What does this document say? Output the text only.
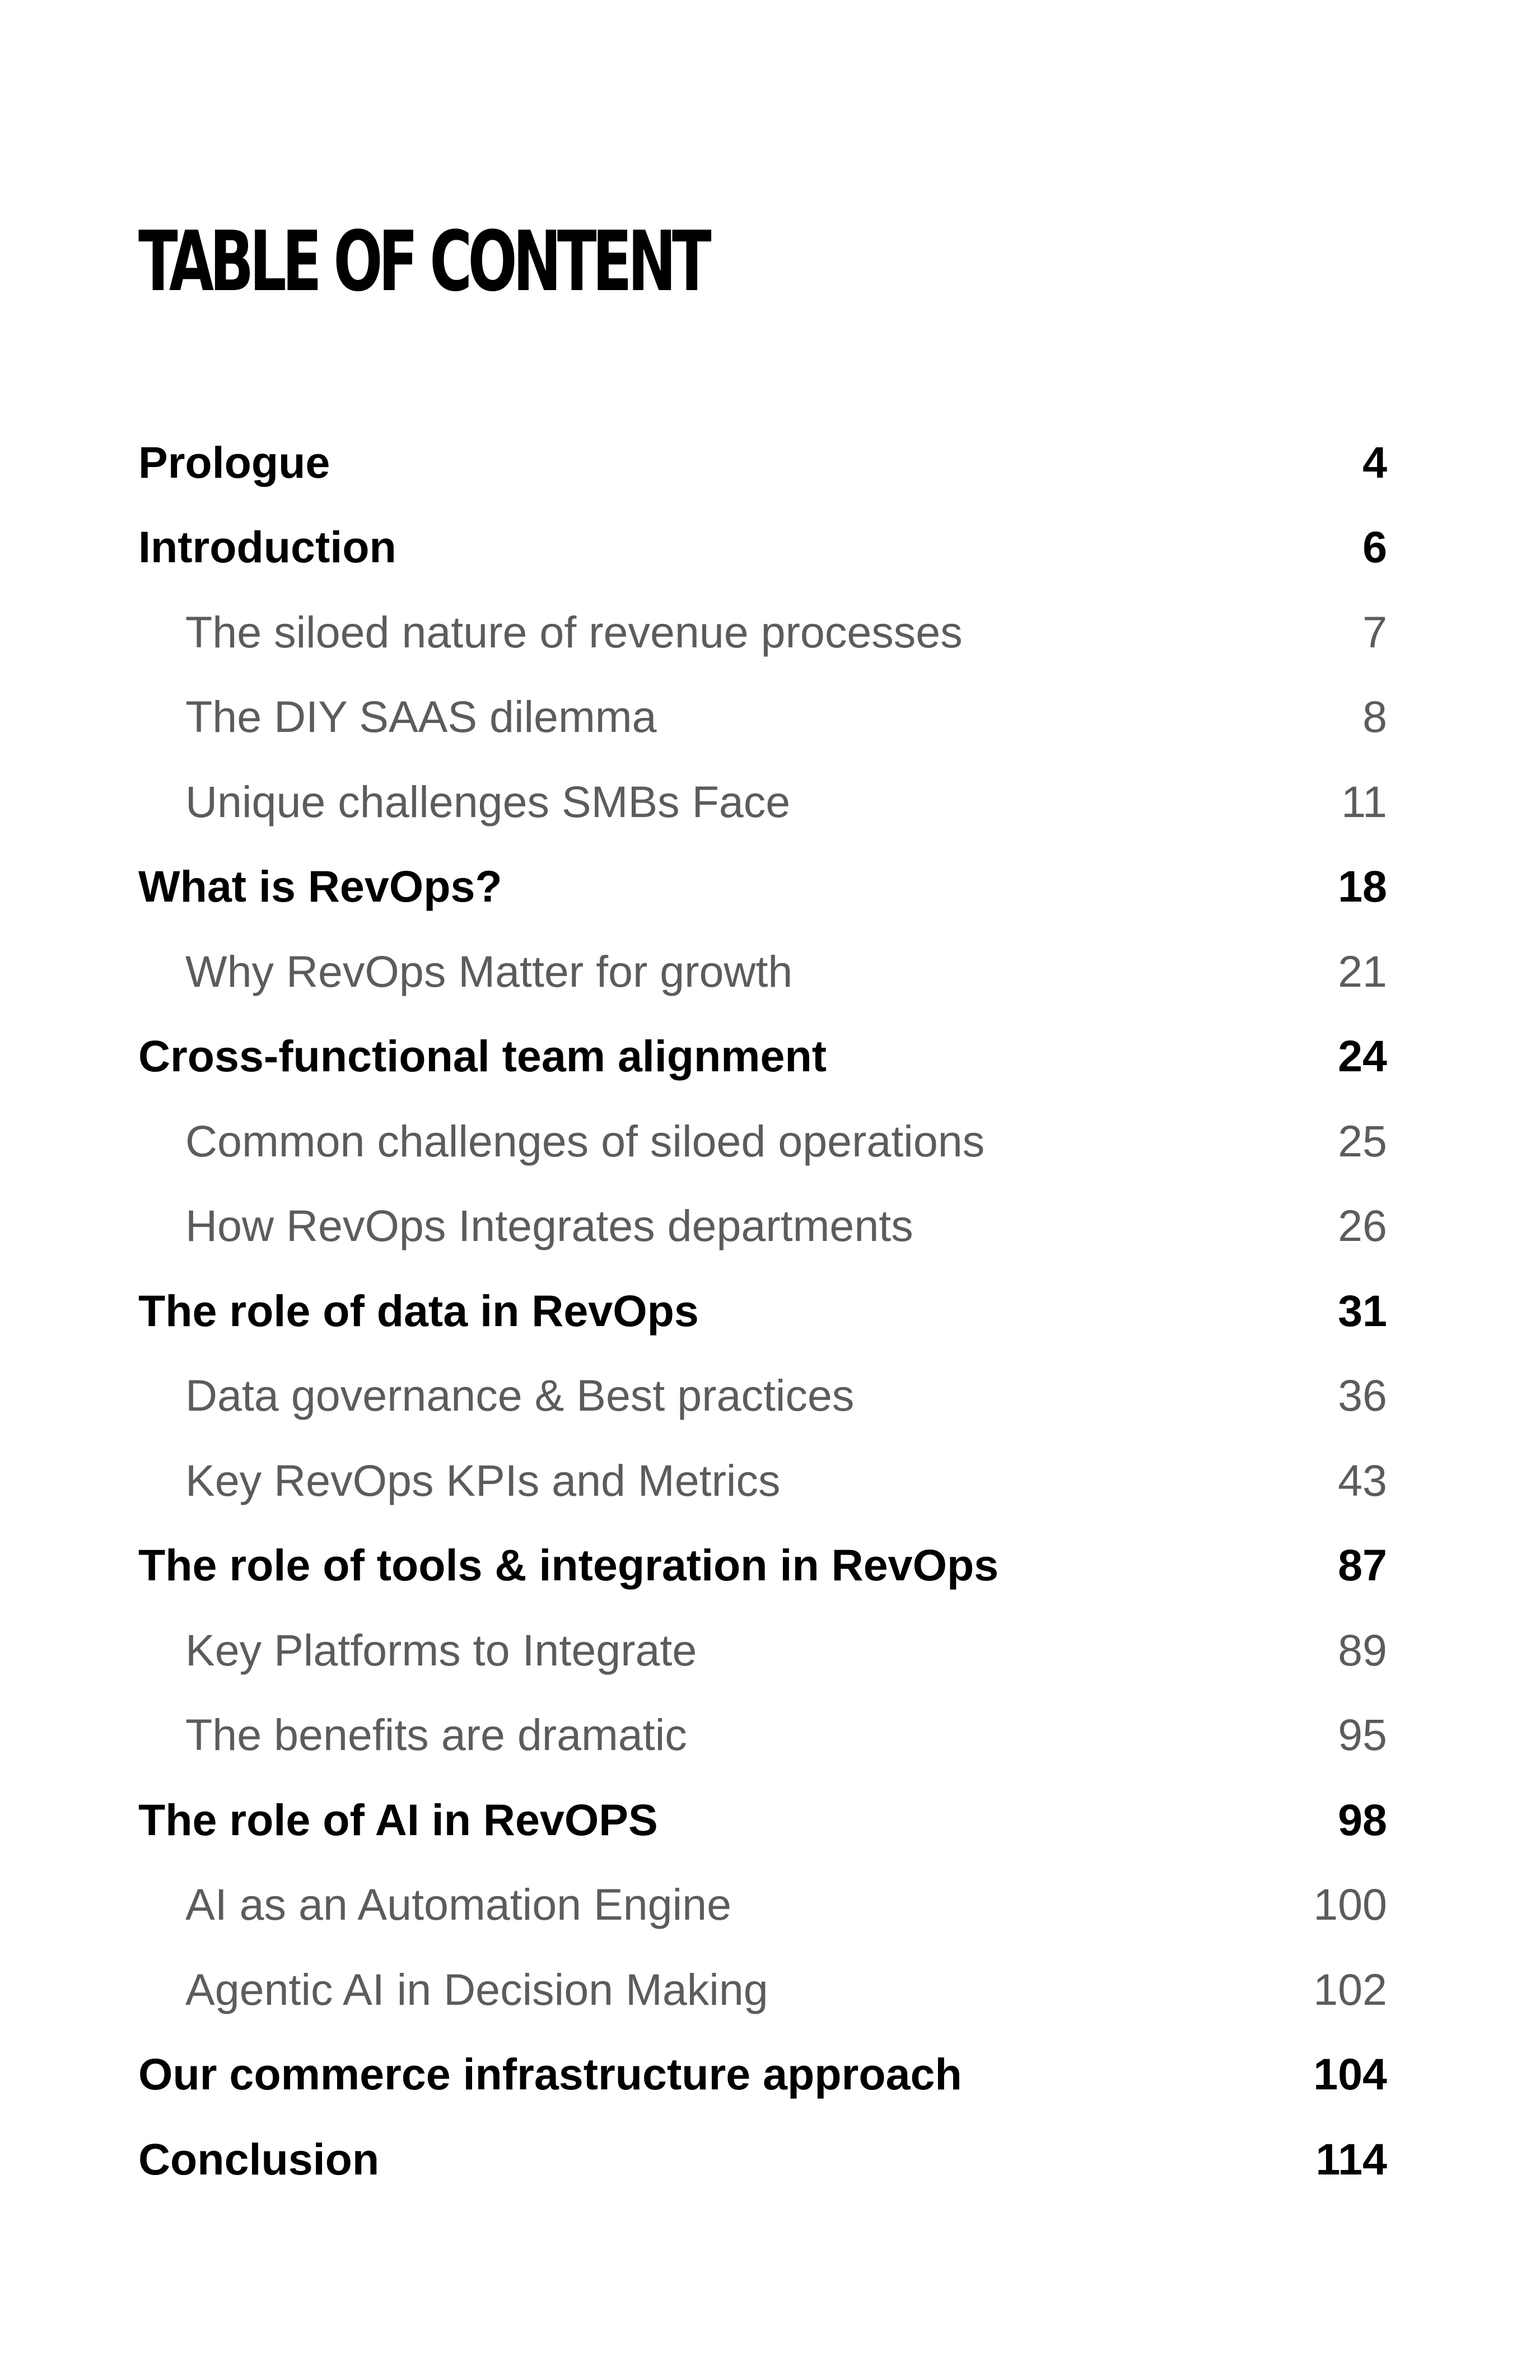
TABLE OF CONTENT
Prologue	4
Introduction	6
The siloed nature of revenue processes	7
The DIY SAAS dilemma	8
Unique challenges SMBs Face	11
What is RevOps?	18
Why RevOps Matter for growth	21
Cross-functional team alignment	24
Common challenges of siloed operations	25
How RevOps Integrates departments	26
The role of data in RevOps	31
Data governance & Best practices	36
Key RevOps KPIs and Metrics	43
The role of tools & integration in RevOps	87
Key Platforms to Integrate	89
The benefits are dramatic	95
The role of AI in RevOPS	98
AI as an Automation Engine	100
Agentic AI in Decision Making	102
Our commerce infrastructure approach	104
Conclusion	114
